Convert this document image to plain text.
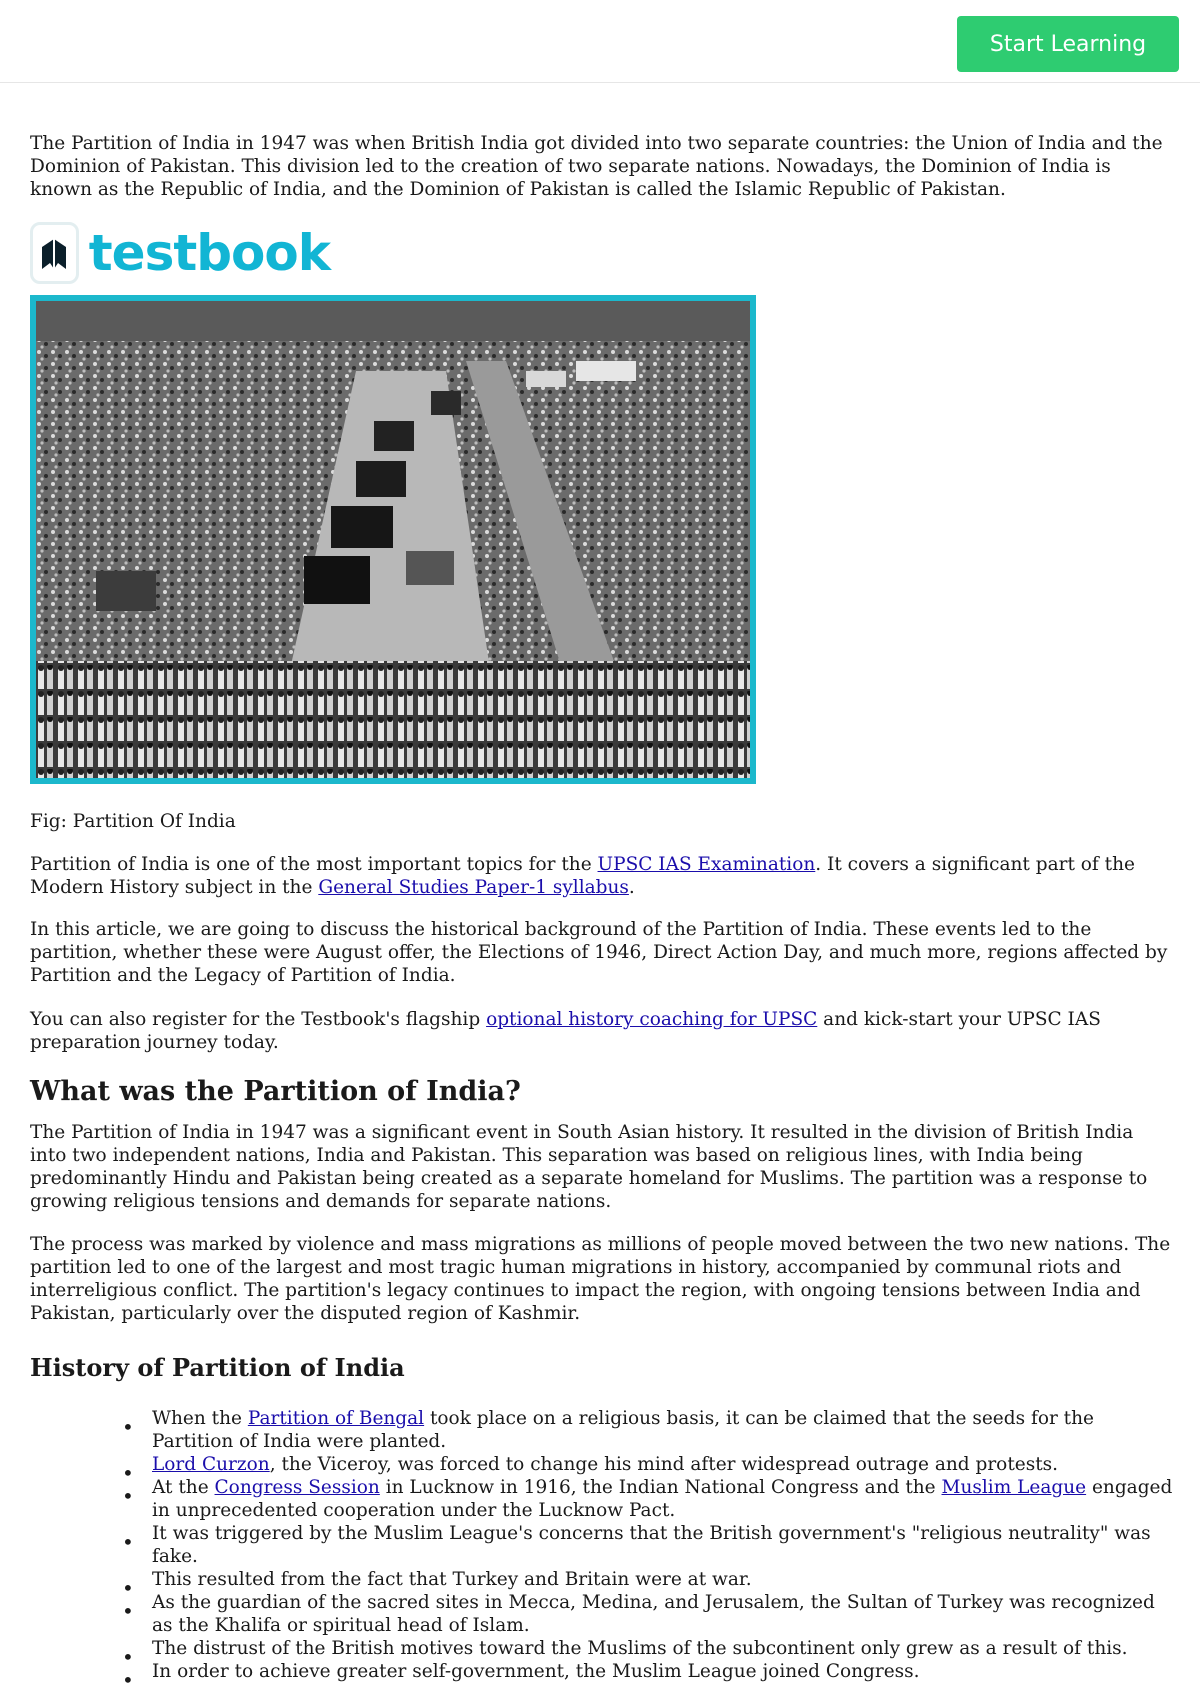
Start Learning

The Partition of India in 1947 was when British India got divided into two separate countries: the Union of India and the Dominion of Pakistan. This division led to the creation of two separate nations. Nowadays, the Dominion of India is known as the Republic of India, and the Dominion of Pakistan is called the Islamic Republic of Pakistan.

testbook

Fig: Partition Of India

Partition of India is one of the most important topics for the UPSC IAS Examination. It covers a significant part of the Modern History subject in the General Studies Paper-1 syllabus.

In this article, we are going to discuss the historical background of the Partition of India. These events led to the partition, whether these were August offer, the Elections of 1946, Direct Action Day, and much more, regions affected by Partition and the Legacy of Partition of India.

You can also register for the Testbook's flagship optional history coaching for UPSC and kick-start your UPSC IAS preparation journey today.

What was the Partition of India?

The Partition of India in 1947 was a significant event in South Asian history. It resulted in the division of British India into two independent nations, India and Pakistan. This separation was based on religious lines, with India being predominantly Hindu and Pakistan being created as a separate homeland for Muslims. The partition was a response to growing religious tensions and demands for separate nations.

The process was marked by violence and mass migrations as millions of people moved between the two new nations. The partition led to one of the largest and most tragic human migrations in history, accompanied by communal riots and interreligious conflict. The partition's legacy continues to impact the region, with ongoing tensions between India and Pakistan, particularly over the disputed region of Kashmir.

History of Partition of India
• When the Partition of Bengal took place on a religious basis, it can be claimed that the seeds for the Partition of India were planted.
• Lord Curzon, the Viceroy, was forced to change his mind after widespread outrage and protests.
• At the Congress Session in Lucknow in 1916, the Indian National Congress and the Muslim League engaged in unprecedented cooperation under the Lucknow Pact.
• It was triggered by the Muslim League's concerns that the British government's "religious neutrality" was fake.
• This resulted from the fact that Turkey and Britain were at war.
• As the guardian of the sacred sites in Mecca, Medina, and Jerusalem, the Sultan of Turkey was recognized as the Khalifa or spiritual head of Islam.
• The distrust of the British motives toward the Muslims of the subcontinent only grew as a result of this.
• In order to achieve greater self-government, the Muslim League joined Congress.
